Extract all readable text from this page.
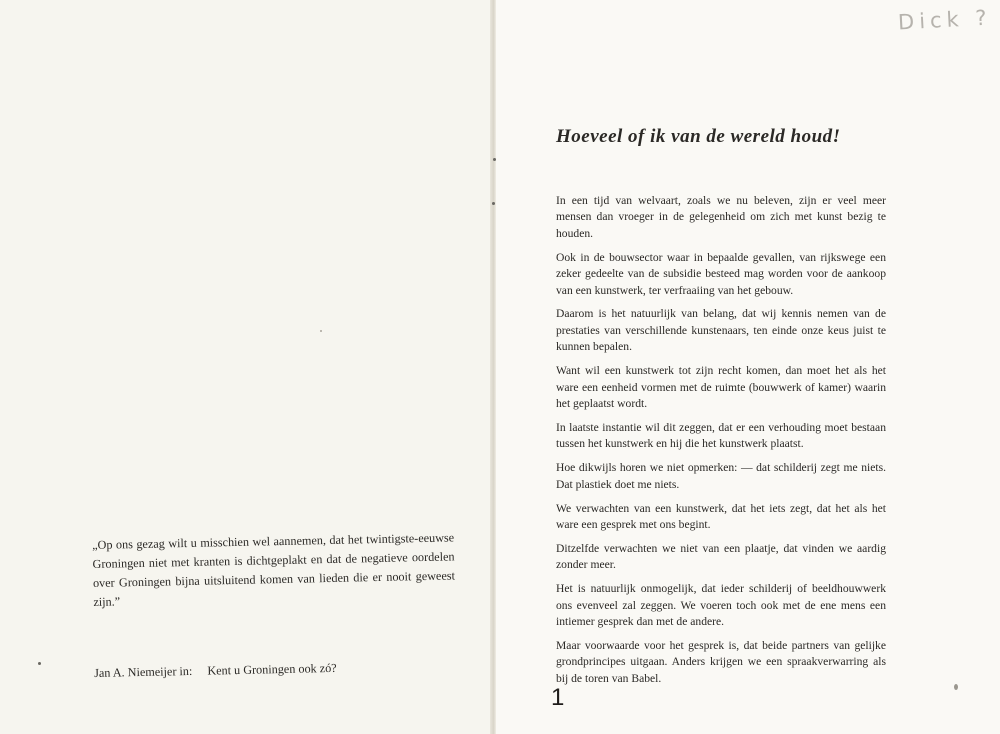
„Op ons gezag wilt u misschien wel aannemen, dat het twintigste-eeuwse Groningen niet met kranten is dichtgeplakt en dat de negatieve oordelen over Groningen bijna uitsluitend komen van lieden die er nooit geweest zijn.”
Jan A. Niemeijer in: Kent u Groningen ook zó?
Dick ?
Hoeveel of ik van de wereld houd!

In een tijd van welvaart, zoals we nu beleven, zijn er veel meer mensen dan vroeger in de gelegenheid om zich met kunst bezig te houden.

Ook in de bouwsector waar in bepaalde gevallen, van rijkswege een zeker gedeelte van de subsidie besteed mag worden voor de aankoop van een kunstwerk, ter verfraaiing van het gebouw.

Daarom is het natuurlijk van belang, dat wij kennis nemen van de prestaties van verschillende kunstenaars, ten einde onze keus juist te kunnen bepalen.

Want wil een kunstwerk tot zijn recht komen, dan moet het als het ware een eenheid vormen met de ruimte (bouwwerk of kamer) waarin het geplaatst wordt.

In laatste instantie wil dit zeggen, dat er een verhouding moet bestaan tussen het kunstwerk en hij die het kunstwerk plaatst.

Hoe dikwijls horen we niet opmerken: — dat schilderij zegt me niets. Dat plastiek doet me niets.

We verwachten van een kunstwerk, dat het iets zegt, dat het als het ware een gesprek met ons begint.

Ditzelfde verwachten we niet van een plaatje, dat vinden we aardig zonder meer.

Het is natuurlijk onmogelijk, dat ieder schilderij of beeldhouwwerk ons evenveel zal zeggen. We voeren toch ook met de ene mens een intiemer gesprek dan met de andere.

Maar voorwaarde voor het gesprek is, dat beide partners van gelijke grondprincipes uitgaan. Anders krijgen we een spraakverwarring als bij de toren van Babel.

1
